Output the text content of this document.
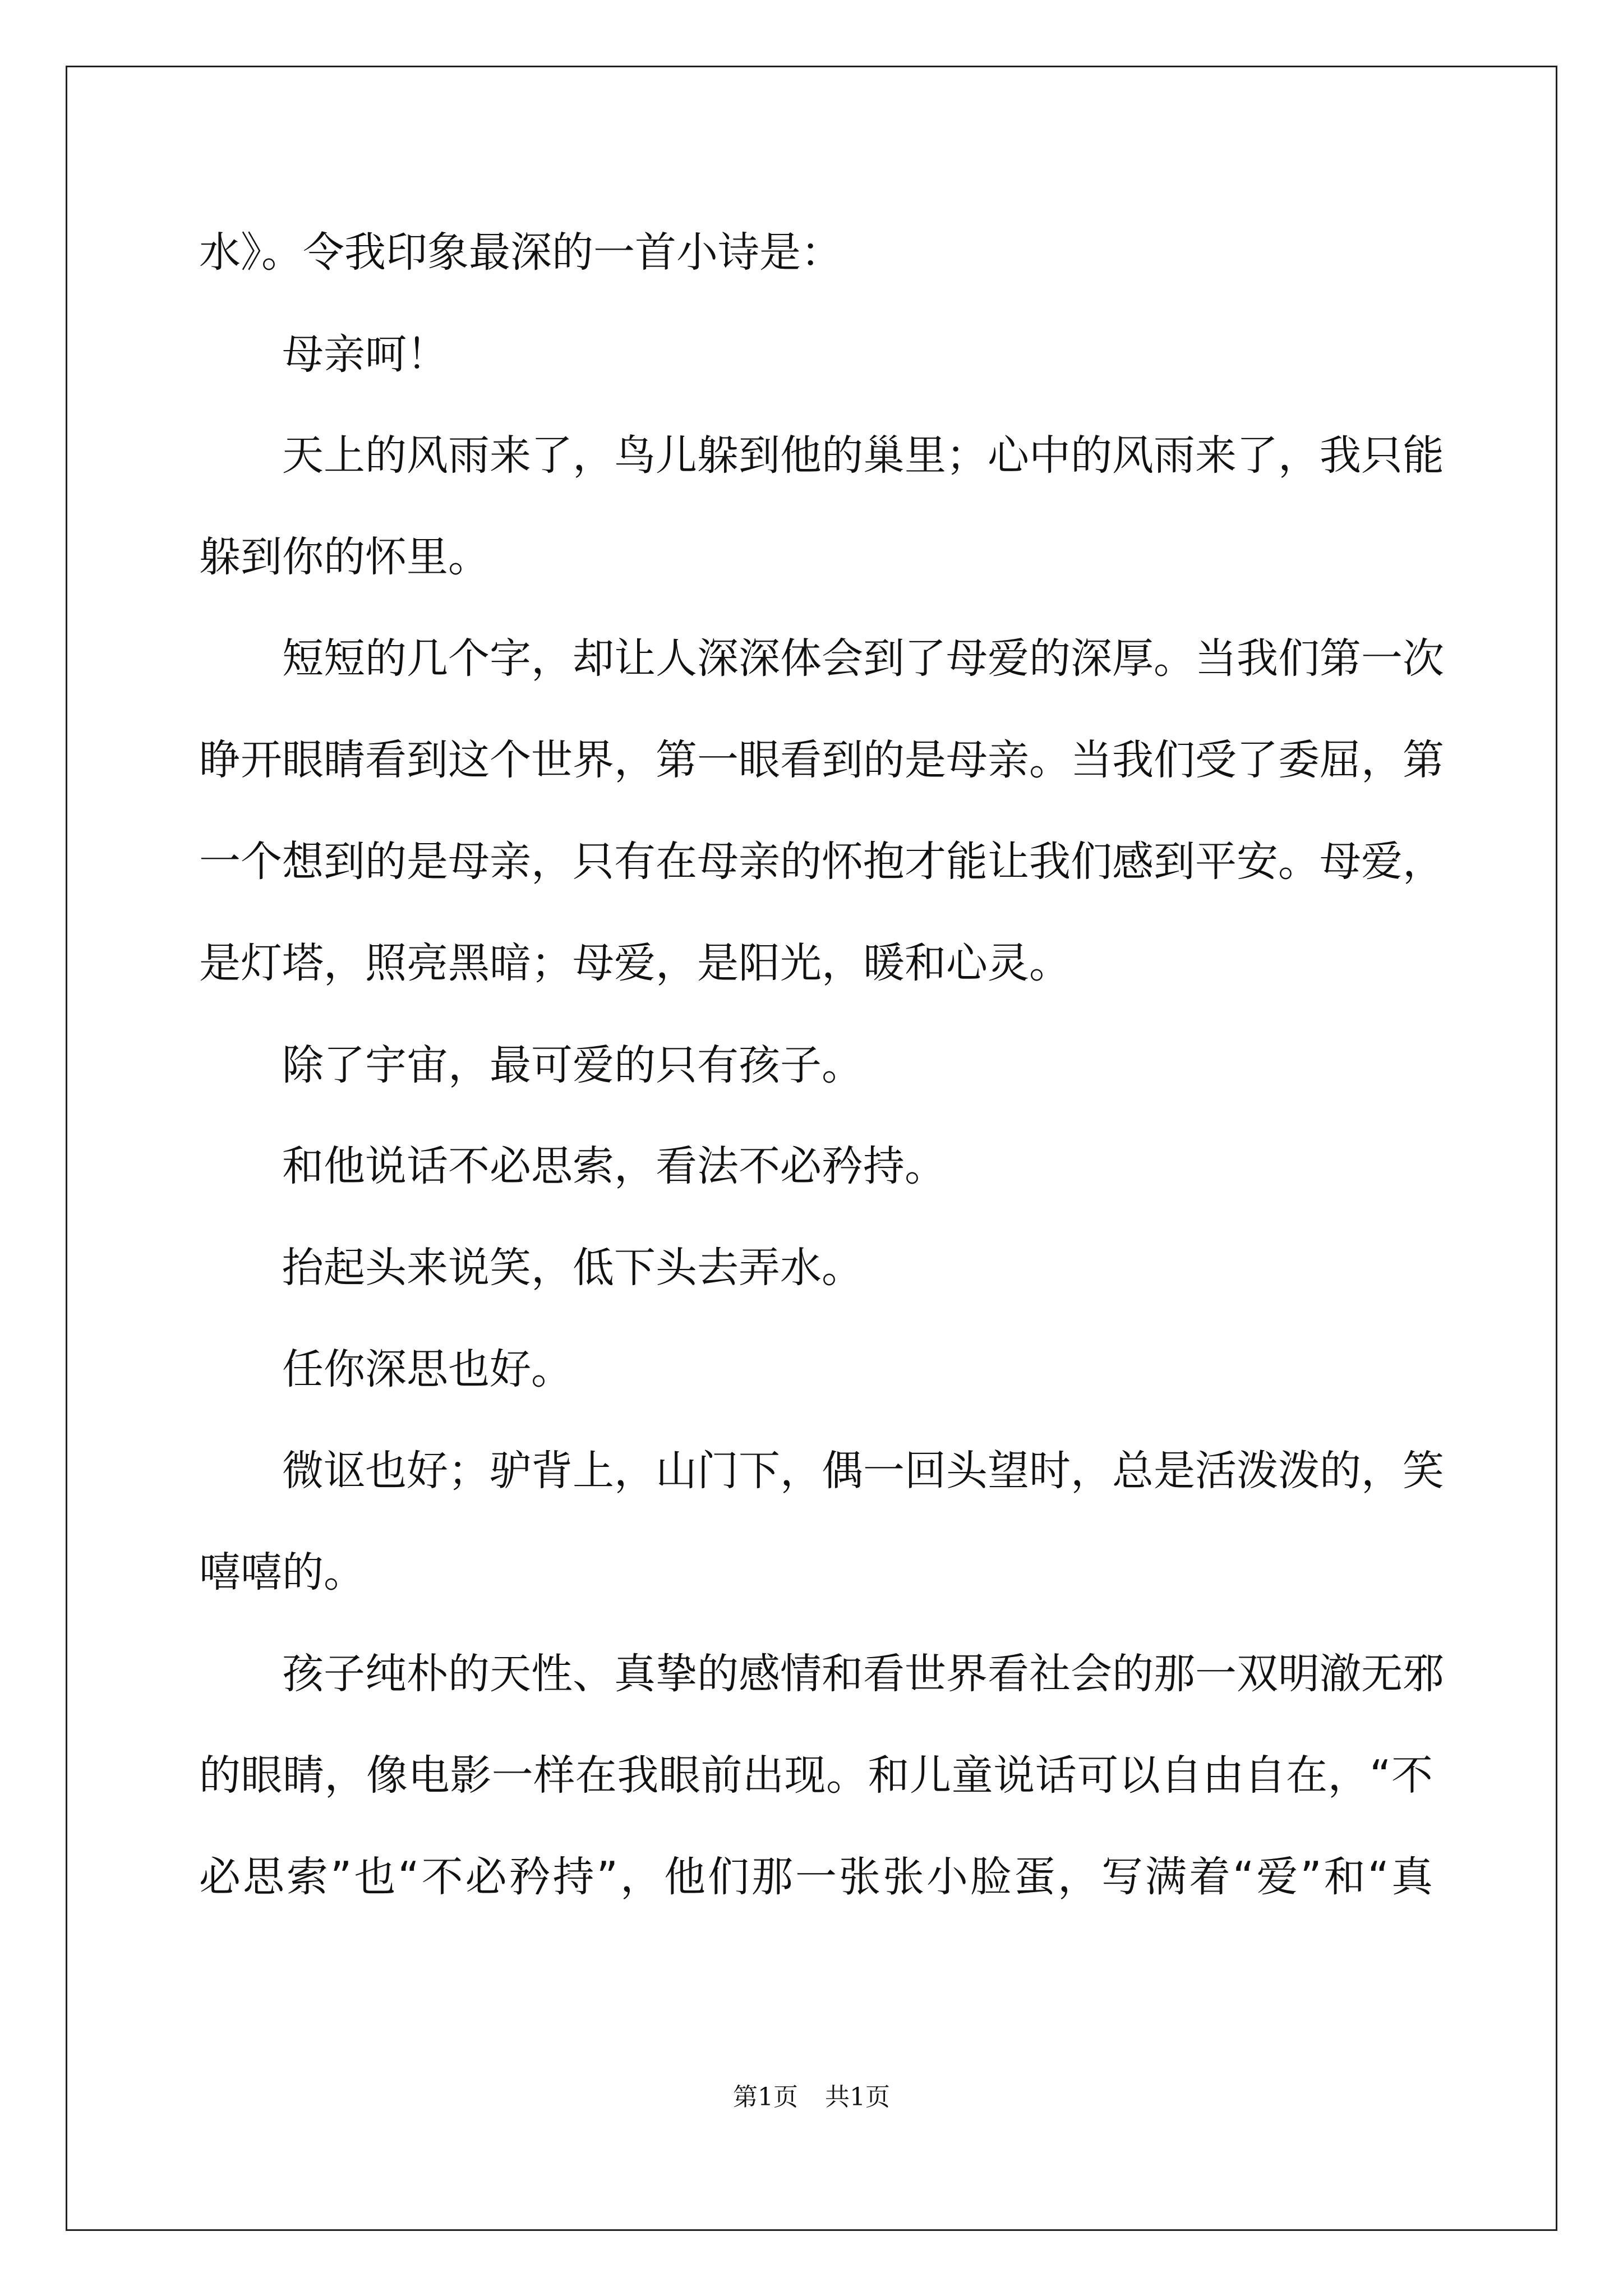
水》。令我印象最深的一首小诗是：
母亲呵！
天上的风雨来了，鸟儿躲到他的巢里；心中的风雨来了，我只能
躲到你的怀里。
短短的几个字，却让人深深体会到了母爱的深厚。当我们第一次
睁开眼睛看到这个世界，第一眼看到的是母亲。当我们受了委屈，第
一个想到的是母亲，只有在母亲的怀抱才能让我们感到平安。母爱，
是灯塔，照亮黑暗；母爱，是阳光，暖和心灵。
除了宇宙，最可爱的只有孩子。
和他说话不必思索，看法不必矜持。
抬起头来说笑，低下头去弄水。
任你深思也好。
微讴也好；驴背上，山门下，偶一回头望时，总是活泼泼的，笑
嘻嘻的。
孩子纯朴的天性、真挚的感情和看世界看社会的那一双明澈无邪
的眼睛，像电影一样在我眼前出现。和儿童说话可以自由自在，“不
必思索”也“不必矜持”，他们那一张张小脸蛋，写满着“爱”和“真
第1页 共1页
